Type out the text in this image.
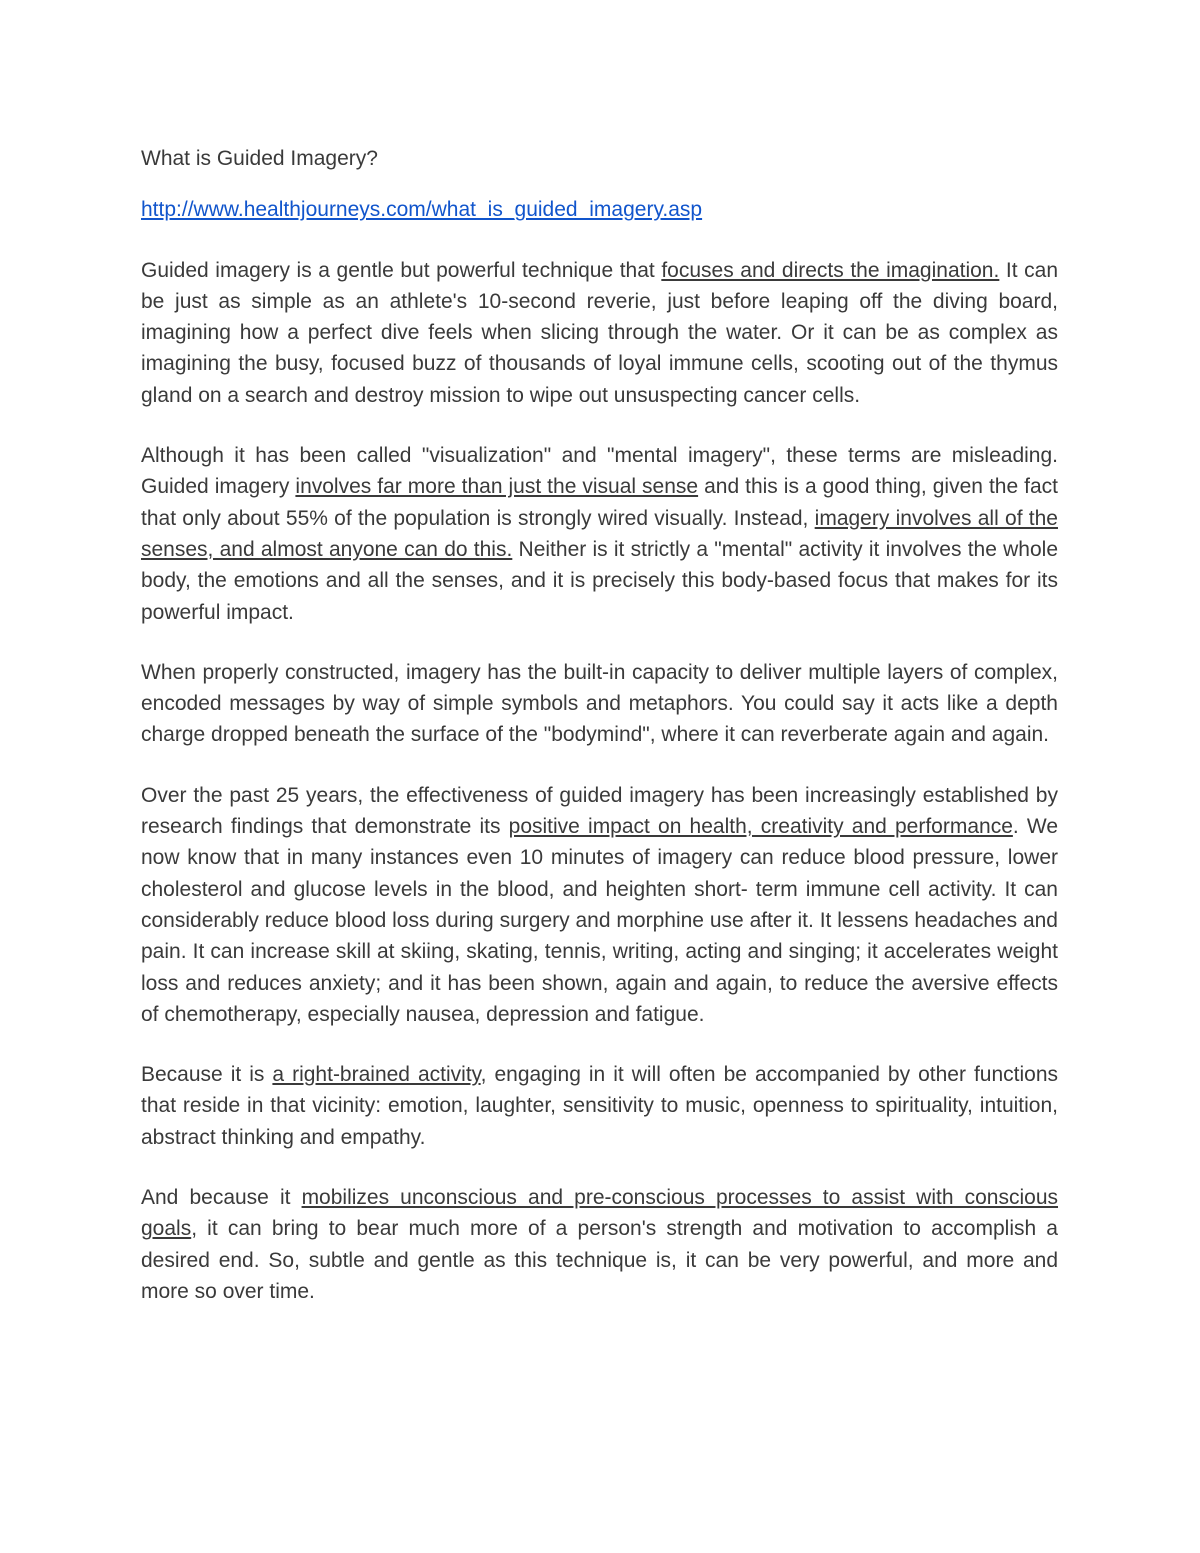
What is Guided Imagery?
http://www.healthjourneys.com/what_is_guided_imagery.asp

Guided imagery is a gentle but powerful technique that focuses and directs the imagination. It can be just as simple as an athlete's 10-second reverie, just before leaping off the diving board, imagining how a perfect dive feels when slicing through the water. Or it can be as complex as imagining the busy, focused buzz of thousands of loyal immune cells, scooting out of the thymus gland on a search and destroy mission to wipe out unsuspecting cancer cells.

Although it has been called "visualization" and "mental imagery", these terms are misleading. Guided imagery involves far more than just the visual sense and this is a good thing, given the fact that only about 55% of the population is strongly wired visually. Instead, imagery involves all of the senses, and almost anyone can do this. Neither is it strictly a "mental" activity it involves the whole body, the emotions and all the senses, and it is precisely this body-based focus that makes for its powerful impact.

When properly constructed, imagery has the built-in capacity to deliver multiple layers of complex, encoded messages by way of simple symbols and metaphors. You could say it acts like a depth charge dropped beneath the surface of the "bodymind", where it can reverberate again and again.

Over the past 25 years, the effectiveness of guided imagery has been increasingly established by research findings that demonstrate its positive impact on health, creativity and performance. We now know that in many instances even 10 minutes of imagery can reduce blood pressure, lower cholesterol and glucose levels in the blood, and heighten short- term immune cell activity. It can considerably reduce blood loss during surgery and morphine use after it. It lessens headaches and pain. It can increase skill at skiing, skating, tennis, writing, acting and singing; it accelerates weight loss and reduces anxiety; and it has been shown, again and again, to reduce the aversive effects of chemotherapy, especially nausea, depression and fatigue.

Because it is a right-brained activity, engaging in it will often be accompanied by other functions that reside in that vicinity: emotion, laughter, sensitivity to music, openness to spirituality, intuition, abstract thinking and empathy.

And because it mobilizes unconscious and pre-conscious processes to assist with conscious goals, it can bring to bear much more of a person's strength and motivation to accomplish a desired end. So, subtle and gentle as this technique is, it can be very powerful, and more and more so over time.
